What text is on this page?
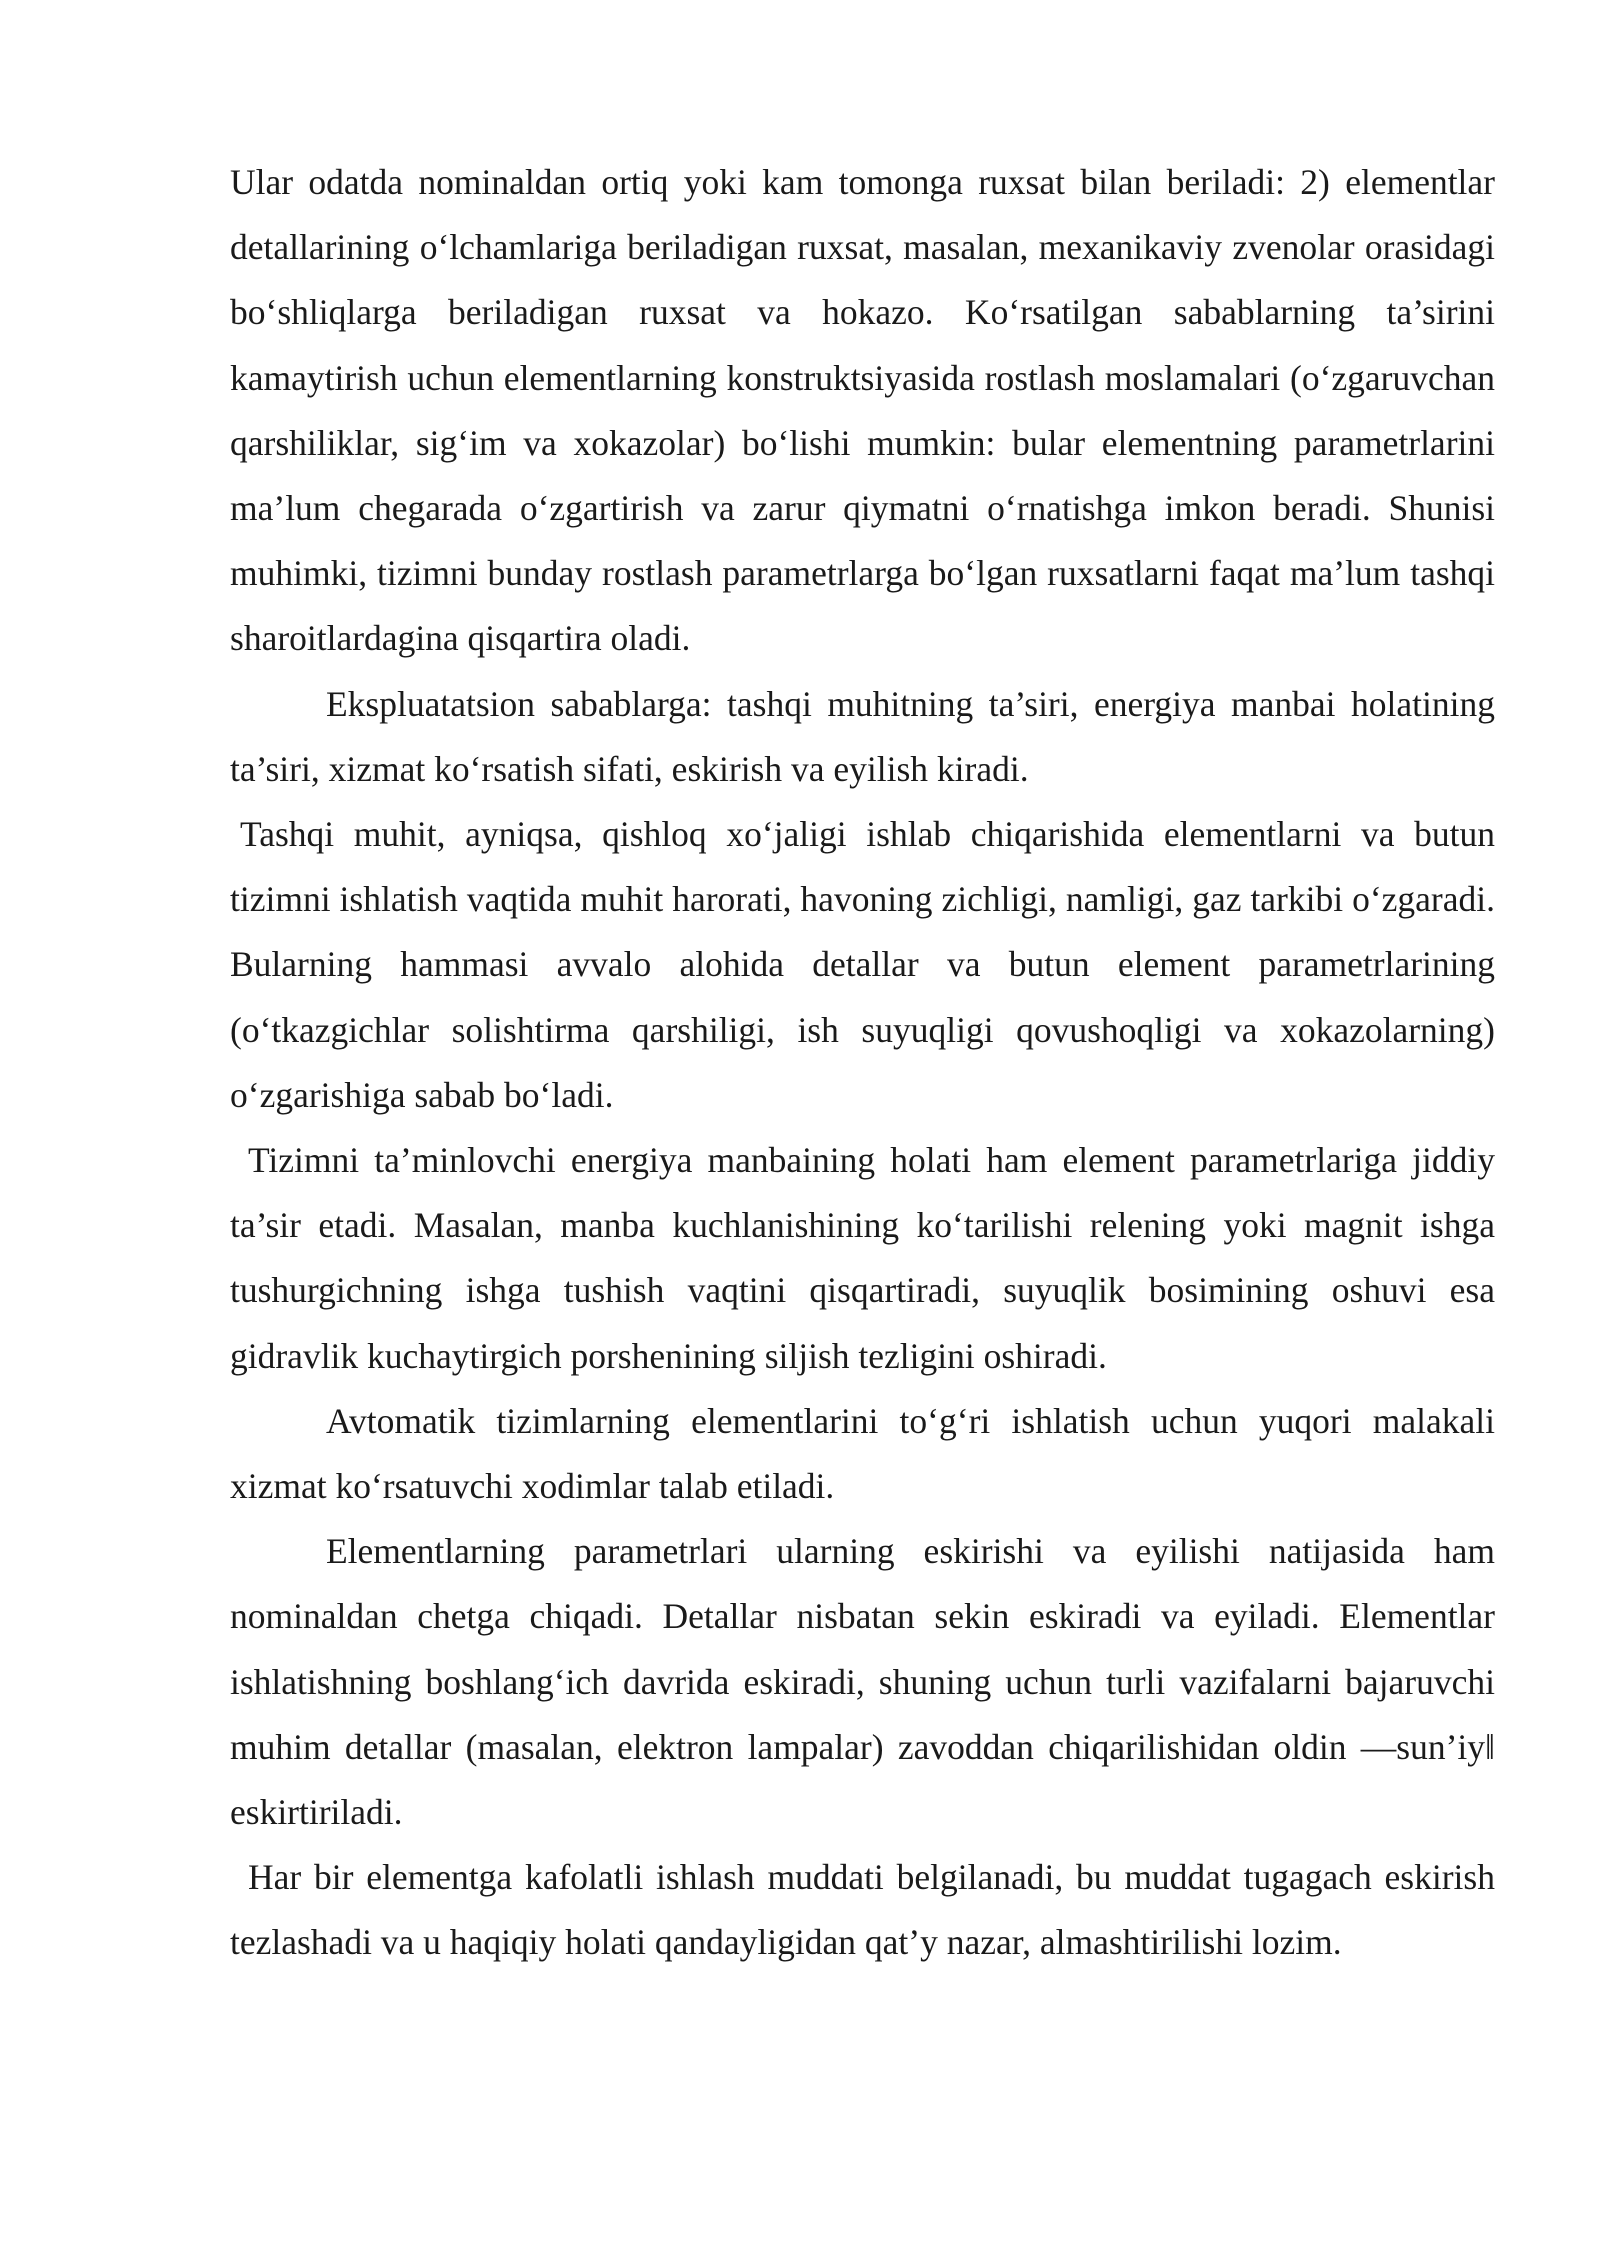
Ular odatda nominaldan ortiq yoki kam tomonga ruxsat bilan beriladi: 2) elementlar detallarining o‘lchamlariga beriladigan ruxsat, masalan, mexanikaviy zvenolar orasidagi bo‘shliqlarga beriladigan ruxsat va hokazo. Ko‘rsatilgan sabablarning ta’sirini kamaytirish uchun elementlarning konstruktsiyasida rostlash moslamalari (o‘zgaruvchan qarshiliklar, sig‘im va xokazolar) bo‘lishi mumkin: bular elementning parametrlarini ma’lum chegarada o‘zgartirish va zarur qiymatni o‘rnatishga imkon beradi. Shunisi muhimki, tizimni bunday rostlash parametrlarga bo‘lgan ruxsatlarni faqat ma’lum tashqi sharoitlardagina qisqartira oladi.

Ekspluatatsion sabablarga: tashqi muhitning ta’siri, energiya manbai holatining ta’siri, xizmat ko‘rsatish sifati, eskirish va eyilish kiradi.

Tashqi muhit, ayniqsa, qishloq xo‘jaligi ishlab chiqarishida elementlarni va butun tizimni ishlatish vaqtida muhit harorati, havoning zichligi, namligi, gaz tarkibi o‘zgaradi. Bularning hammasi avvalo alohida detallar va butun element parametrlarining (o‘tkazgichlar solishtirma qarshiligi, ish suyuqligi qovushoqligi va xokazolarning) o‘zgarishiga sabab bo‘ladi.

Tizimni ta’minlovchi energiya manbaining holati ham element parametrlariga jiddiy ta’sir etadi. Masalan, manba kuchlanishining ko‘tarilishi relening yoki magnit ishga tushurgichning ishga tushish vaqtini qisqartiradi, suyuqlik bosimining oshuvi esa gidravlik kuchaytirgich porshenining siljish tezligini oshiradi.

Avtomatik tizimlarning elementlarini to‘g‘ri ishlatish uchun yuqori malakali xizmat ko‘rsatuvchi xodimlar talab etiladi.

Elementlarning parametrlari ularning eskirishi va eyilishi natijasida ham nominaldan chetga chiqadi. Detallar nisbatan sekin eskiradi va eyiladi. Elementlar ishlatishning boshlang‘ich davrida eskiradi, shuning uchun turli vazifalarni bajaruvchi muhim detallar (masalan, elektron lampalar) zavoddan chiqarilishidan oldin ―sun’iy‖ eskirtiriladi.

Har bir elementga kafolatli ishlash muddati belgilanadi, bu muddat tugagach eskirish tezlashadi va u haqiqiy holati qandayligidan qat’y nazar, almashtirilishi lozim.
